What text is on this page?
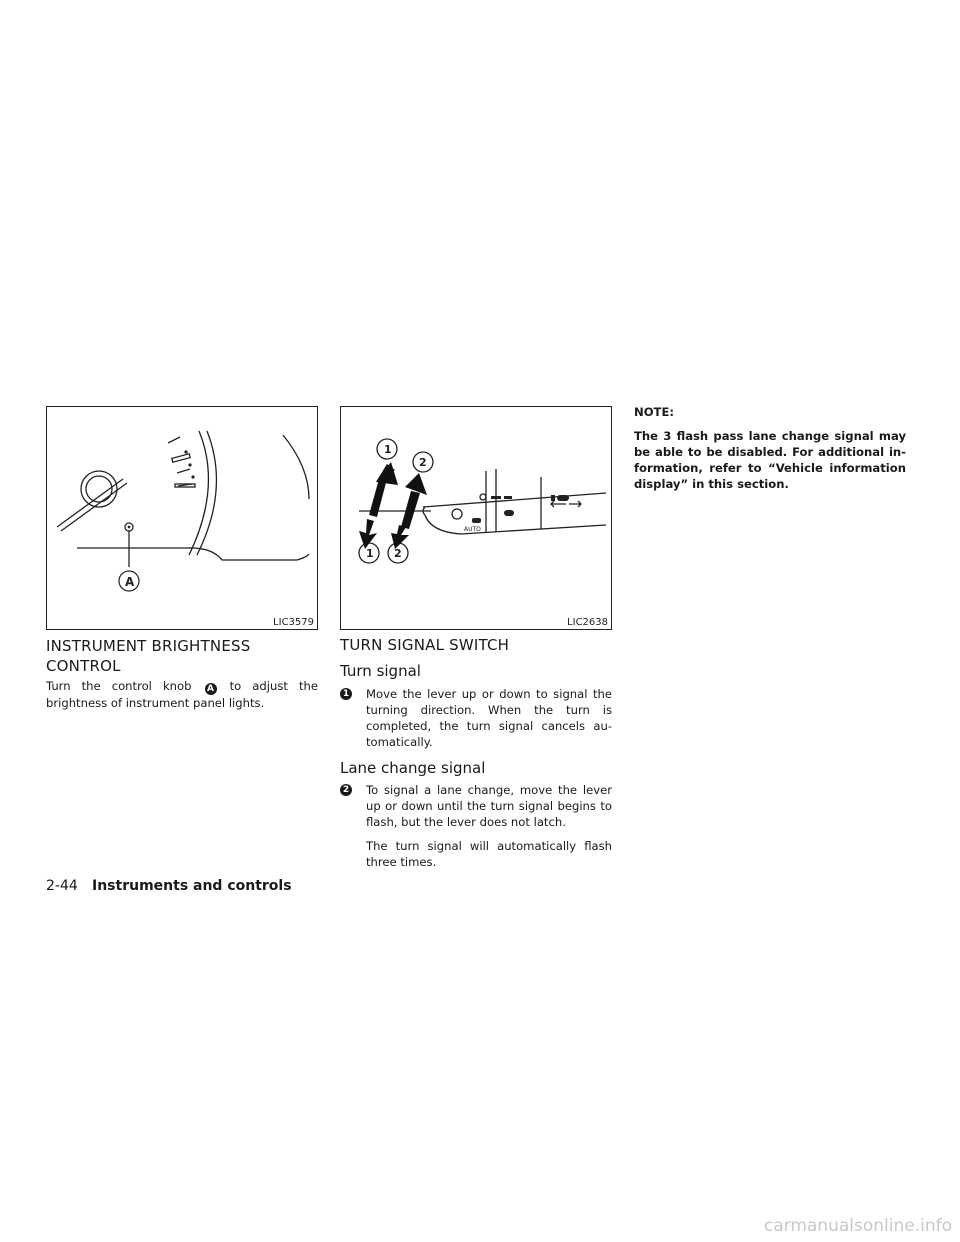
A
LIC3579
1
2
1 2
AUTO
LIC2638
INSTRUMENT BRIGHTNESS
CONTROL

Turn the control knob A to adjust the brightness of instrument panel lights.

TURN SIGNAL SWITCH
Turn signal
1	Move the lever up or down to signal the turning direction. When the turn is completed, the turn signal cancels au-tomatically.
Lane change signal
2	To signal a lane change, move the lever up or down until the turn signal begins to flash, but the lever does not latch.
The turn signal will automatically flash three times.
NOTE:
The 3 flash pass lane change signal may be able to be disabled. For additional in-formation, refer to “Vehicle information display” in this section.
2-44 Instruments and controls
carmanualsonline.info
